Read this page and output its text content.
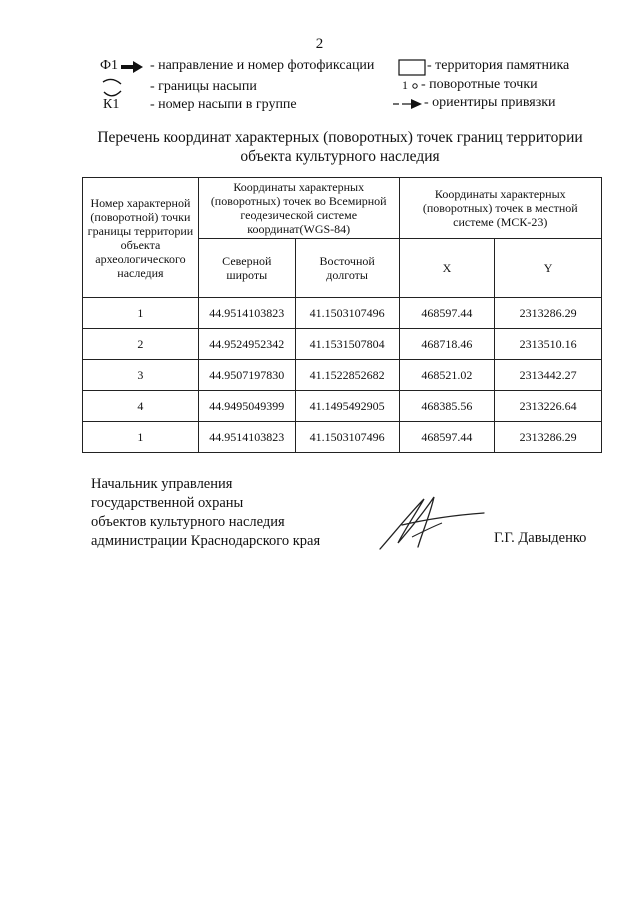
2
Ф1 - направление и номер фотофиксации
- границы насыпи
К1 - номер насыпи в группе
- территория памятника
1 - поворотные точки
- ориентиры привязки
Перечень координат характерных (поворотных) точек границ территории
объекта культурного наследия
Номер характерной (поворотной) точки границы территории объекта археологического наследия	Координаты характерных (поворотных) точек во Всемирной геодезической системе координат(WGS-84)		Координаты характерных (поворотных) точек в местной системе (МСК-23)	
	Северной широты	Восточной долготы	X	Y
1	44.9514103823	41.1503107496	468597.44	2313286.29
2	44.9524952342	41.1531507804	468718.46	2313510.16
3	44.9507197830	41.1522852682	468521.02	2313442.27
4	44.9495049399	41.1495492905	468385.56	2313226.64
1	44.9514103823	41.1503107496	468597.44	2313286.29
Начальник управления
государственной охраны
объектов культурного наследия
администрации Краснодарского края	Г.Г. Давыденко
